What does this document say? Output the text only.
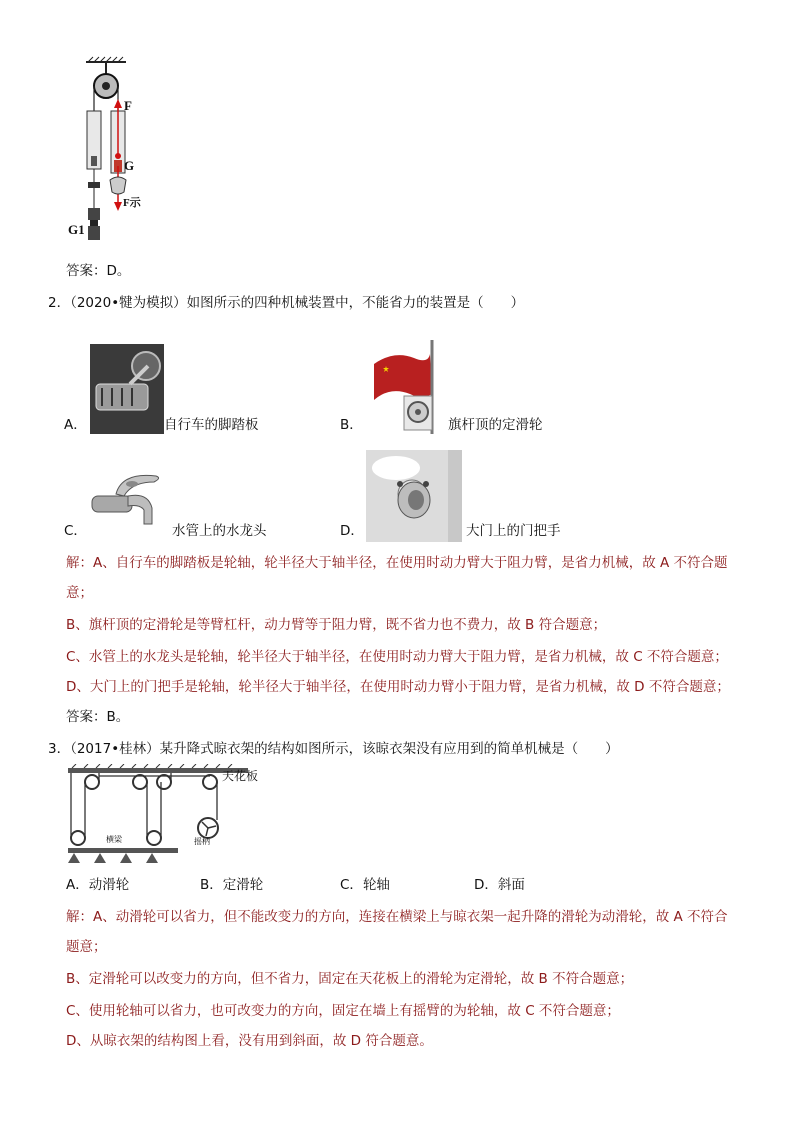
F
G
F示
G1
答案：D。
2．（2020•犍为模拟）如图所示的四种机械装置中，不能省力的装置是（　　）
A．	自行车的脚踏板	B．	旗杆顶的定滑轮
C．	水管上的水龙头	D．	大门上的门把手
解：A、自行车的脚踏板是轮轴，轮半径大于轴半径，在使用时动力臂大于阻力臂，是省力机械，故 A 不符合题
意；
B、旗杆顶的定滑轮是等臂杠杆，动力臂等于阻力臂，既不省力也不费力，故 B 符合题意；
C、水管上的水龙头是轮轴，轮半径大于轴半径，在使用时动力臂大于阻力臂，是省力机械，故 C 不符合题意；
D、大门上的门把手是轮轴，轮半径大于轴半径，在使用时动力臂小于阻力臂，是省力机械，故 D 不符合题意；
答案：B。
3．（2017•桂林）某升降式晾衣架的结构如图所示，该晾衣架没有应用到的简单机械是（　　）
天花板
横梁	摇柄
A．动滑轮	B．定滑轮	C．轮轴	D．斜面
解：A、动滑轮可以省力，但不能改变力的方向，连接在横梁上与晾衣架一起升降的滑轮为动滑轮，故 A 不符合
题意；
B、定滑轮可以改变力的方向，但不省力，固定在天花板上的滑轮为定滑轮，故 B 不符合题意；
C、使用轮轴可以省力，也可改变力的方向，固定在墙上有摇臂的为轮轴，故 C 不符合题意；
D、从晾衣架的结构图上看，没有用到斜面，故 D 符合题意。
